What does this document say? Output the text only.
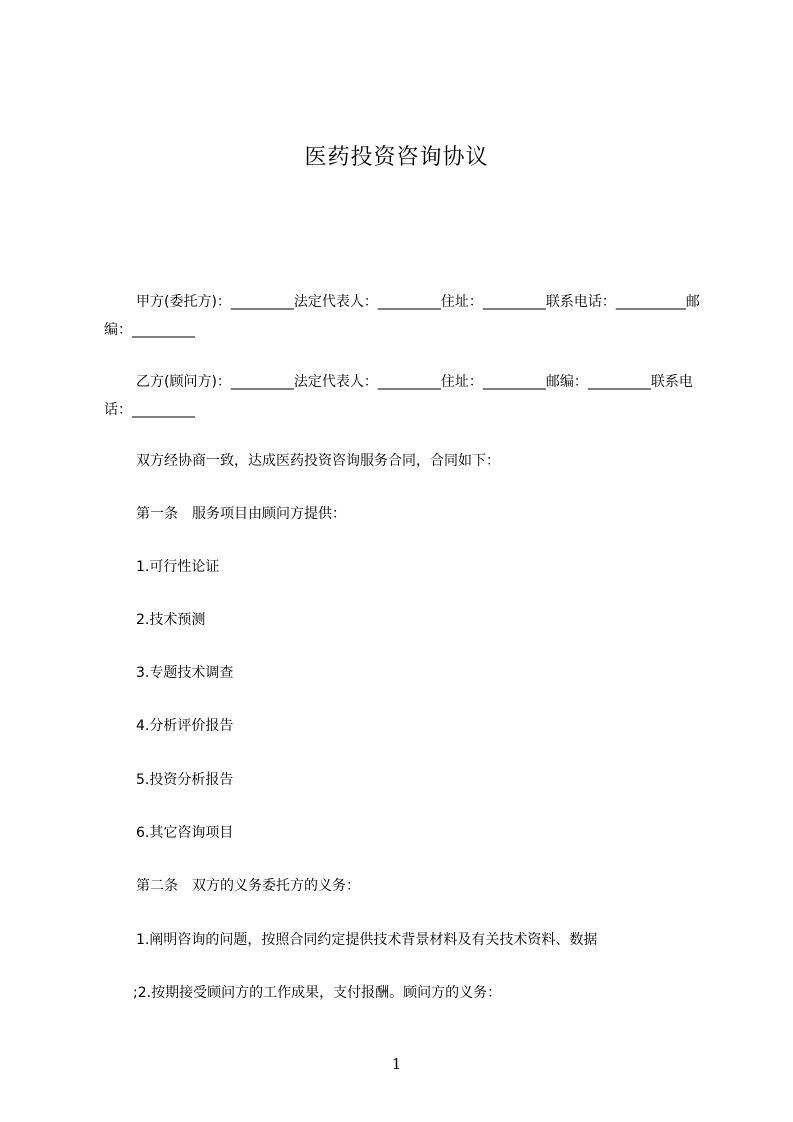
医药投资咨询协议
甲方(委托方)：_________法定代表人：_________住址：_________联系电话：__________邮编：_________
乙方(顾问方)：_________法定代表人：_________住址：_________邮编：_________联系电话：_________
双方经协商一致，达成医药投资咨询服务合同，合同如下：
第一条　服务项目由顾问方提供：
1.可行性论证
2.技术预测
3.专题技术调查
4.分析评价报告
5.投资分析报告
6.其它咨询项目
第二条　双方的义务委托方的义务：
1.阐明咨询的问题，按照合同约定提供技术背景材料及有关技术资料、数据
;2.按期接受顾问方的工作成果，支付报酬。顾问方的义务：
1
